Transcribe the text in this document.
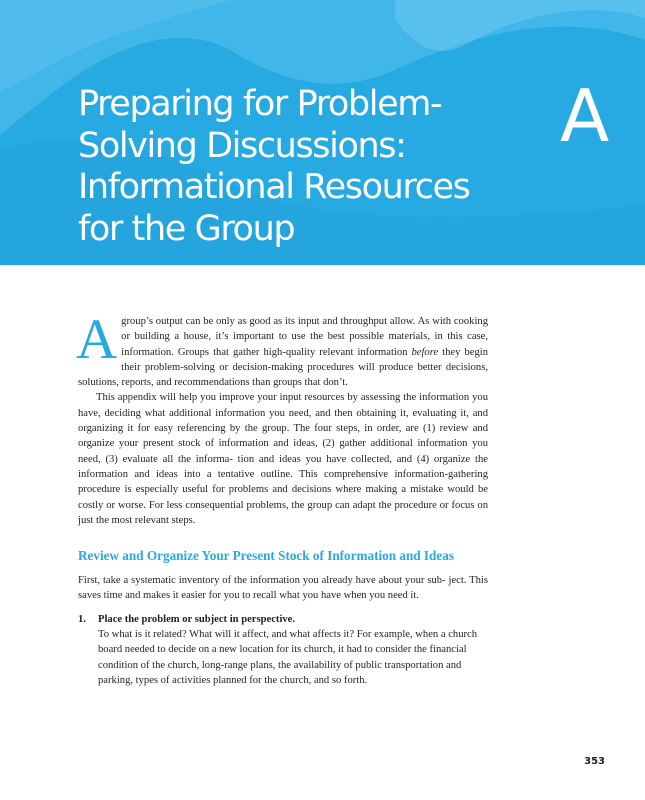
Preparing for Problem-
Solving Discussions:
Informational Resources
for the Group
A

Agroup’s output can be only as good as its input and throughput allow. As with cooking or building a house, it’s important to use the best possible materials, in this case, information. Groups that gather high-quality relevant information before they begin their problem-solving or decision-making procedures will produce better decisions, solutions, reports, and recommendations than groups that don’t.

This appendix will help you improve your input resources by assessing the information you have, deciding what additional information you need, and then obtaining it, evaluating it, and organizing it for easy referencing by the group. The four steps, in order, are (1) review and organize your present stock of information and ideas, (2) gather additional information you need, (3) evaluate all the informa- tion and ideas you have collected, and (4) organize the information and ideas into a tentative outline. This comprehensive information-gathering procedure is especially useful for problems and decisions where making a mistake would be costly or worse. For less consequential problems, the group can adapt the procedure or focus on just the most relevant steps.

Review and Organize Your Present Stock of Information and Ideas

First, take a systematic inventory of the information you already have about your sub- ject. This saves time and makes it easier for you to recall what you have when you need it.

1. Place the problem or subject in perspective.

To what is it related? What will it affect, and what affects it? For example, when a church board needed to decide on a new location for its church, it had to consider the financial condition of the church, long-range plans, the availability of public transportation and parking, types of activities planned for the church, and so forth.

353
